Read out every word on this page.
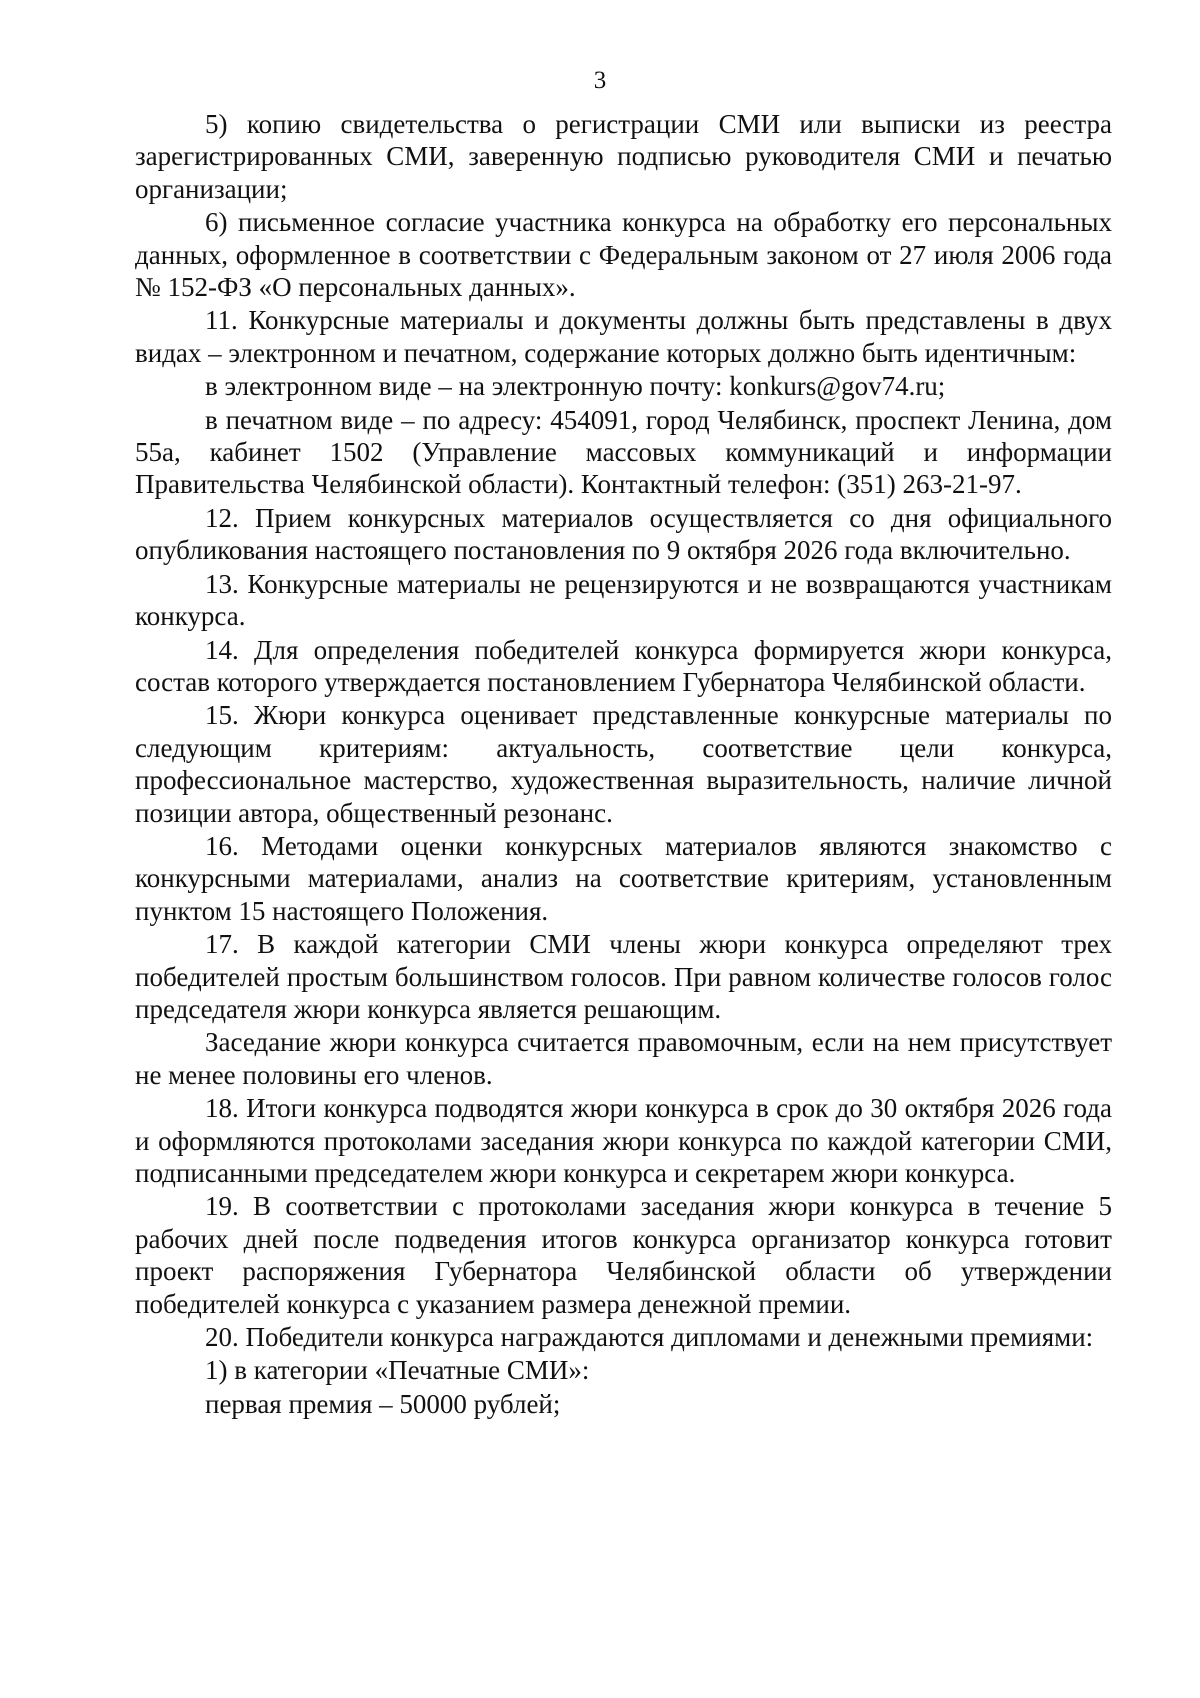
3

5) копию свидетельства о регистрации СМИ или выписки из реестра зарегистрированных СМИ, заверенную подписью руководителя СМИ и печатью организации;

6) письменное согласие участника конкурса на обработку его персональных данных, оформленное в соответствии с Федеральным законом от 27 июля 2006 года № 152-ФЗ «О персональных данных».

11. Конкурсные материалы и документы должны быть представлены в двух видах – электронном и печатном, содержание которых должно быть идентичным:

в электронном виде – на электронную почту: konkurs@gov74.ru;

в печатном виде – по адресу: 454091, город Челябинск, проспект Ленина, дом 55а, кабинет 1502 (Управление массовых коммуникаций и информации Правительства Челябинской области). Контактный телефон: (351) 263-21-97.

12. Прием конкурсных материалов осуществляется со дня официального опубликования настоящего постановления по 9 октября 2026 года включительно.

13. Конкурсные материалы не рецензируются и не возвращаются участникам конкурса.

14. Для определения победителей конкурса формируется жюри конкурса, состав которого утверждается постановлением Губернатора Челябинской области.

15. Жюри конкурса оценивает представленные конкурсные материалы по следующим критериям: актуальность, соответствие цели конкурса, профессиональное мастерство, художественная выразительность, наличие личной позиции автора, общественный резонанс.

16. Методами оценки конкурсных материалов являются знакомство с конкурсными материалами, анализ на соответствие критериям, установленным пунктом 15 настоящего Положения.

17. В каждой категории СМИ члены жюри конкурса определяют трех победителей простым большинством голосов. При равном количестве голосов голос председателя жюри конкурса является решающим.

Заседание жюри конкурса считается правомочным, если на нем присутствует не менее половины его членов.

18. Итоги конкурса подводятся жюри конкурса в срок до 30 октября 2026 года и оформляются протоколами заседания жюри конкурса по каждой категории СМИ, подписанными председателем жюри конкурса и секретарем жюри конкурса.

19. В соответствии с протоколами заседания жюри конкурса в течение 5 рабочих дней после подведения итогов конкурса организатор конкурса готовит проект распоряжения Губернатора Челябинской области об утверждении победителей конкурса с указанием размера денежной премии.

20. Победители конкурса награждаются дипломами и денежными премиями:

1) в категории «Печатные СМИ»:

первая премия – 50000 рублей;
